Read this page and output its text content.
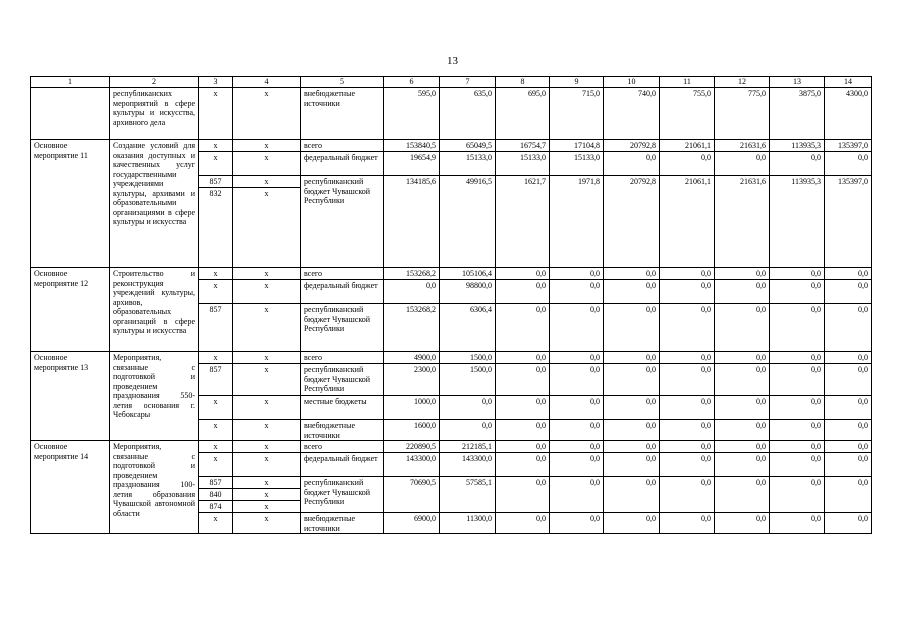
13
1	2	3	4	5	6	7	8	9	10	11	12	13	14
	республиканских мероприятий в сфере культуры и искусства, архивного дела	x	x	внебюджетные источники	595,0	635,0	695,0	715,0	740,0	755,0	775,0	3875,0	4300,0
Основное мероприятие 11	Создание условий для оказания доступных и качественных услуг государственными учреждениями культуры, архивами и образовательными организациями в сфере культуры и искусства	x	x	всего	153840,5	65049,5	16754,7	17104,8	20792,8	21061,1	21631,6	113935,3	135397,0
		x	x	федеральный бюджет	19654,9	15133,0	15133,0	15133,0	0,0	0,0	0,0	0,0	0,0
		857	x	республиканский бюджет Чувашской Республики	134185,6	49916,5	1621,7	1971,8	20792,8	21061,1	21631,6	113935,3	135397,0
		832	x										
Основное мероприятие 12	Строительство и реконструкция учреждений культуры, архивов, образовательных организаций в сфере культуры и искусства	x	x	всего	153268,2	105106,4	0,0	0,0	0,0	0,0	0,0	0,0	0,0
		x	x	федеральный бюджет	0,0	98800,0	0,0	0,0	0,0	0,0	0,0	0,0	0,0
		857	x	республиканский бюджет Чувашской Республики	153268,2	6306,4	0,0	0,0	0,0	0,0	0,0	0,0	0,0
Основное мероприятие 13	Мероприятия, связанные с подготовкой и проведением празднования 550-летия основания г. Чебоксары	x	x	всего	4900,0	1500,0	0,0	0,0	0,0	0,0	0,0	0,0	0,0
		857	x	республиканский бюджет Чувашской Республики	2300,0	1500,0	0,0	0,0	0,0	0,0	0,0	0,0	0,0
		x	x	местные бюджеты	1000,0	0,0	0,0	0,0	0,0	0,0	0,0	0,0	0,0
		x	x	внебюджетные источники	1600,0	0,0	0,0	0,0	0,0	0,0	0,0	0,0	0,0
Основное мероприятие 14	Мероприятия, связанные с подготовкой и проведением празднования 100-летия образования Чувашской автономной области	x	x	всего	220890,5	212185,1	0,0	0,0	0,0	0,0	0,0	0,0	0,0
		x	x	федеральный бюджет	143300,0	143300,0	0,0	0,0	0,0	0,0	0,0	0,0	0,0
		857	x	республиканский бюджет Чувашской Республики	70690,5	57585,1	0,0	0,0	0,0	0,0	0,0	0,0	0,0
		840	x										
		874	x										
		x	x	внебюджетные источники	6900,0	11300,0	0,0	0,0	0,0	0,0	0,0	0,0	0,0
